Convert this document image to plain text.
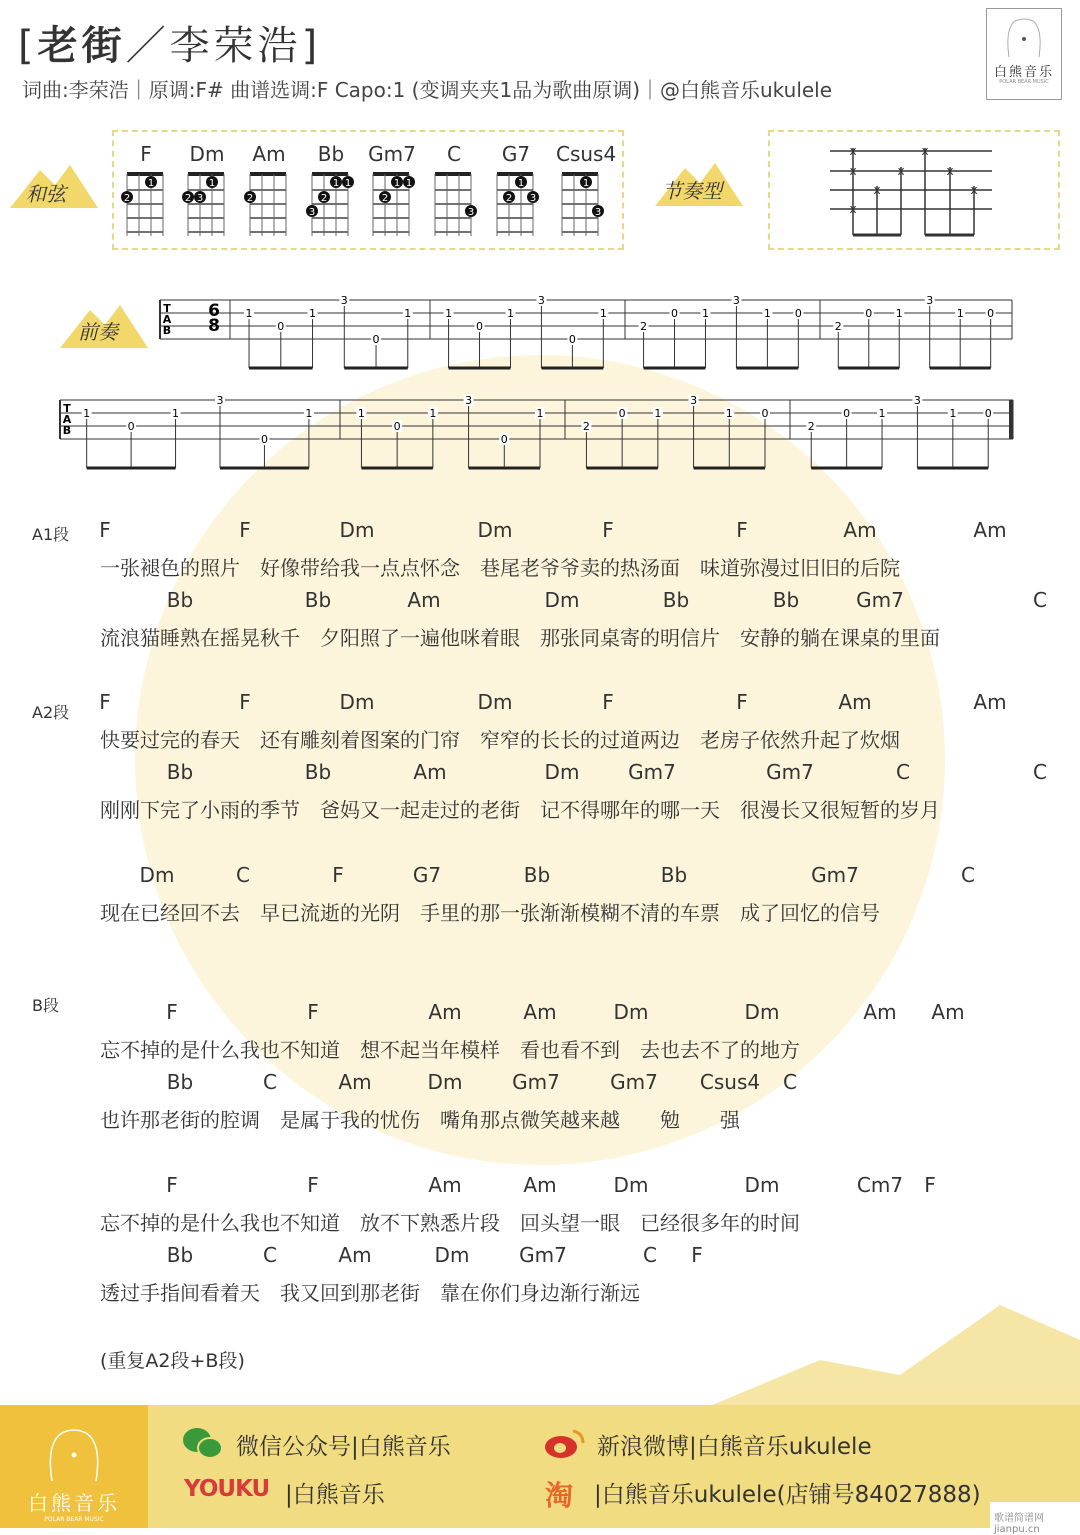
[老街／李荣浩]
词曲:李荣浩｜原调:F# 曲谱选调:F Capo:1 (变调夹夹1品为歌曲原调)｜@白熊音乐ukulele
白熊音乐
POLAR BEAR MUSIC
和弦
F
2
1
Dm
2 3
1
Am
2
Bb
3
2
1 1
Gm7
2
1 1
C
3
G7
2
1
3
Csus4
1
3
节奏型
x
x
x
x
x
x
x
x
前奏
T
A
B
6
8
1
0
1
3
0
1	1
0
1
3
0
1
2
0 1
3
1 0
2
0 1
3
1 0
T
A
B
1
0
1
3
0
1	1
0
1
3
0
1
2
0	1
3
1	0
2
0	1
3
1	0
A1段
A2段
B段
F	F	Dm	Dm	F	F	Am	Am
一张褪色的照片　好像带给我一点点怀念　巷尾老爷爷卖的热汤面　味道弥漫过旧旧的后院
Bb	Bb	Am	Dm	Bb	Bb	Gm7	C
流浪猫睡熟在摇晃秋千　夕阳照了一遍他咪着眼　那张同桌寄的明信片　安静的躺在课桌的里面
F	F	Dm	Dm	F	F	Am	Am
快要过完的春天　还有雕刻着图案的门帘　窄窄的长长的过道两边　老房子依然升起了炊烟
Bb	Bb	Am	Dm Gm7	Gm7	C	C
刚刚下完了小雨的季节　爸妈又一起走过的老街　记不得哪年的哪一天　很漫长又很短暂的岁月
Dm	C	F	G7	Bb	Bb	Gm7	C
现在已经回不去　早已流逝的光阴　手里的那一张渐渐模糊不清的车票　成了回忆的信号
F	F	Am	Am	Dm	Dm	Am Am
忘不掉的是什么我也不知道　想不起当年模样　看也看不到　去也去不了的地方
Bb	C	Am	Dm Gm7	Gm7 Csus4 C
也许那老街的腔调　是属于我的忧伤　嘴角那点微笑越来越　　勉　　强
F	F	Am	Am	Dm	Dm	Cm7 F
忘不掉的是什么我也不知道　放不下熟悉片段　回头望一眼　已经很多年的时间
Bb	C	Am	Dm Gm7	C F
透过手指间看着天　我又回到那老街　靠在你们身边渐行渐远
(重复A2段+B段)
白熊音乐
POLAR BEAR MUSIC
微信公众号|白熊音乐	新浪微博|白熊音乐ukulele
YOUKU |白熊音乐	淘 |白熊音乐ukulele(店铺号84027888)
歌谱简谱网 jianpu.cn
